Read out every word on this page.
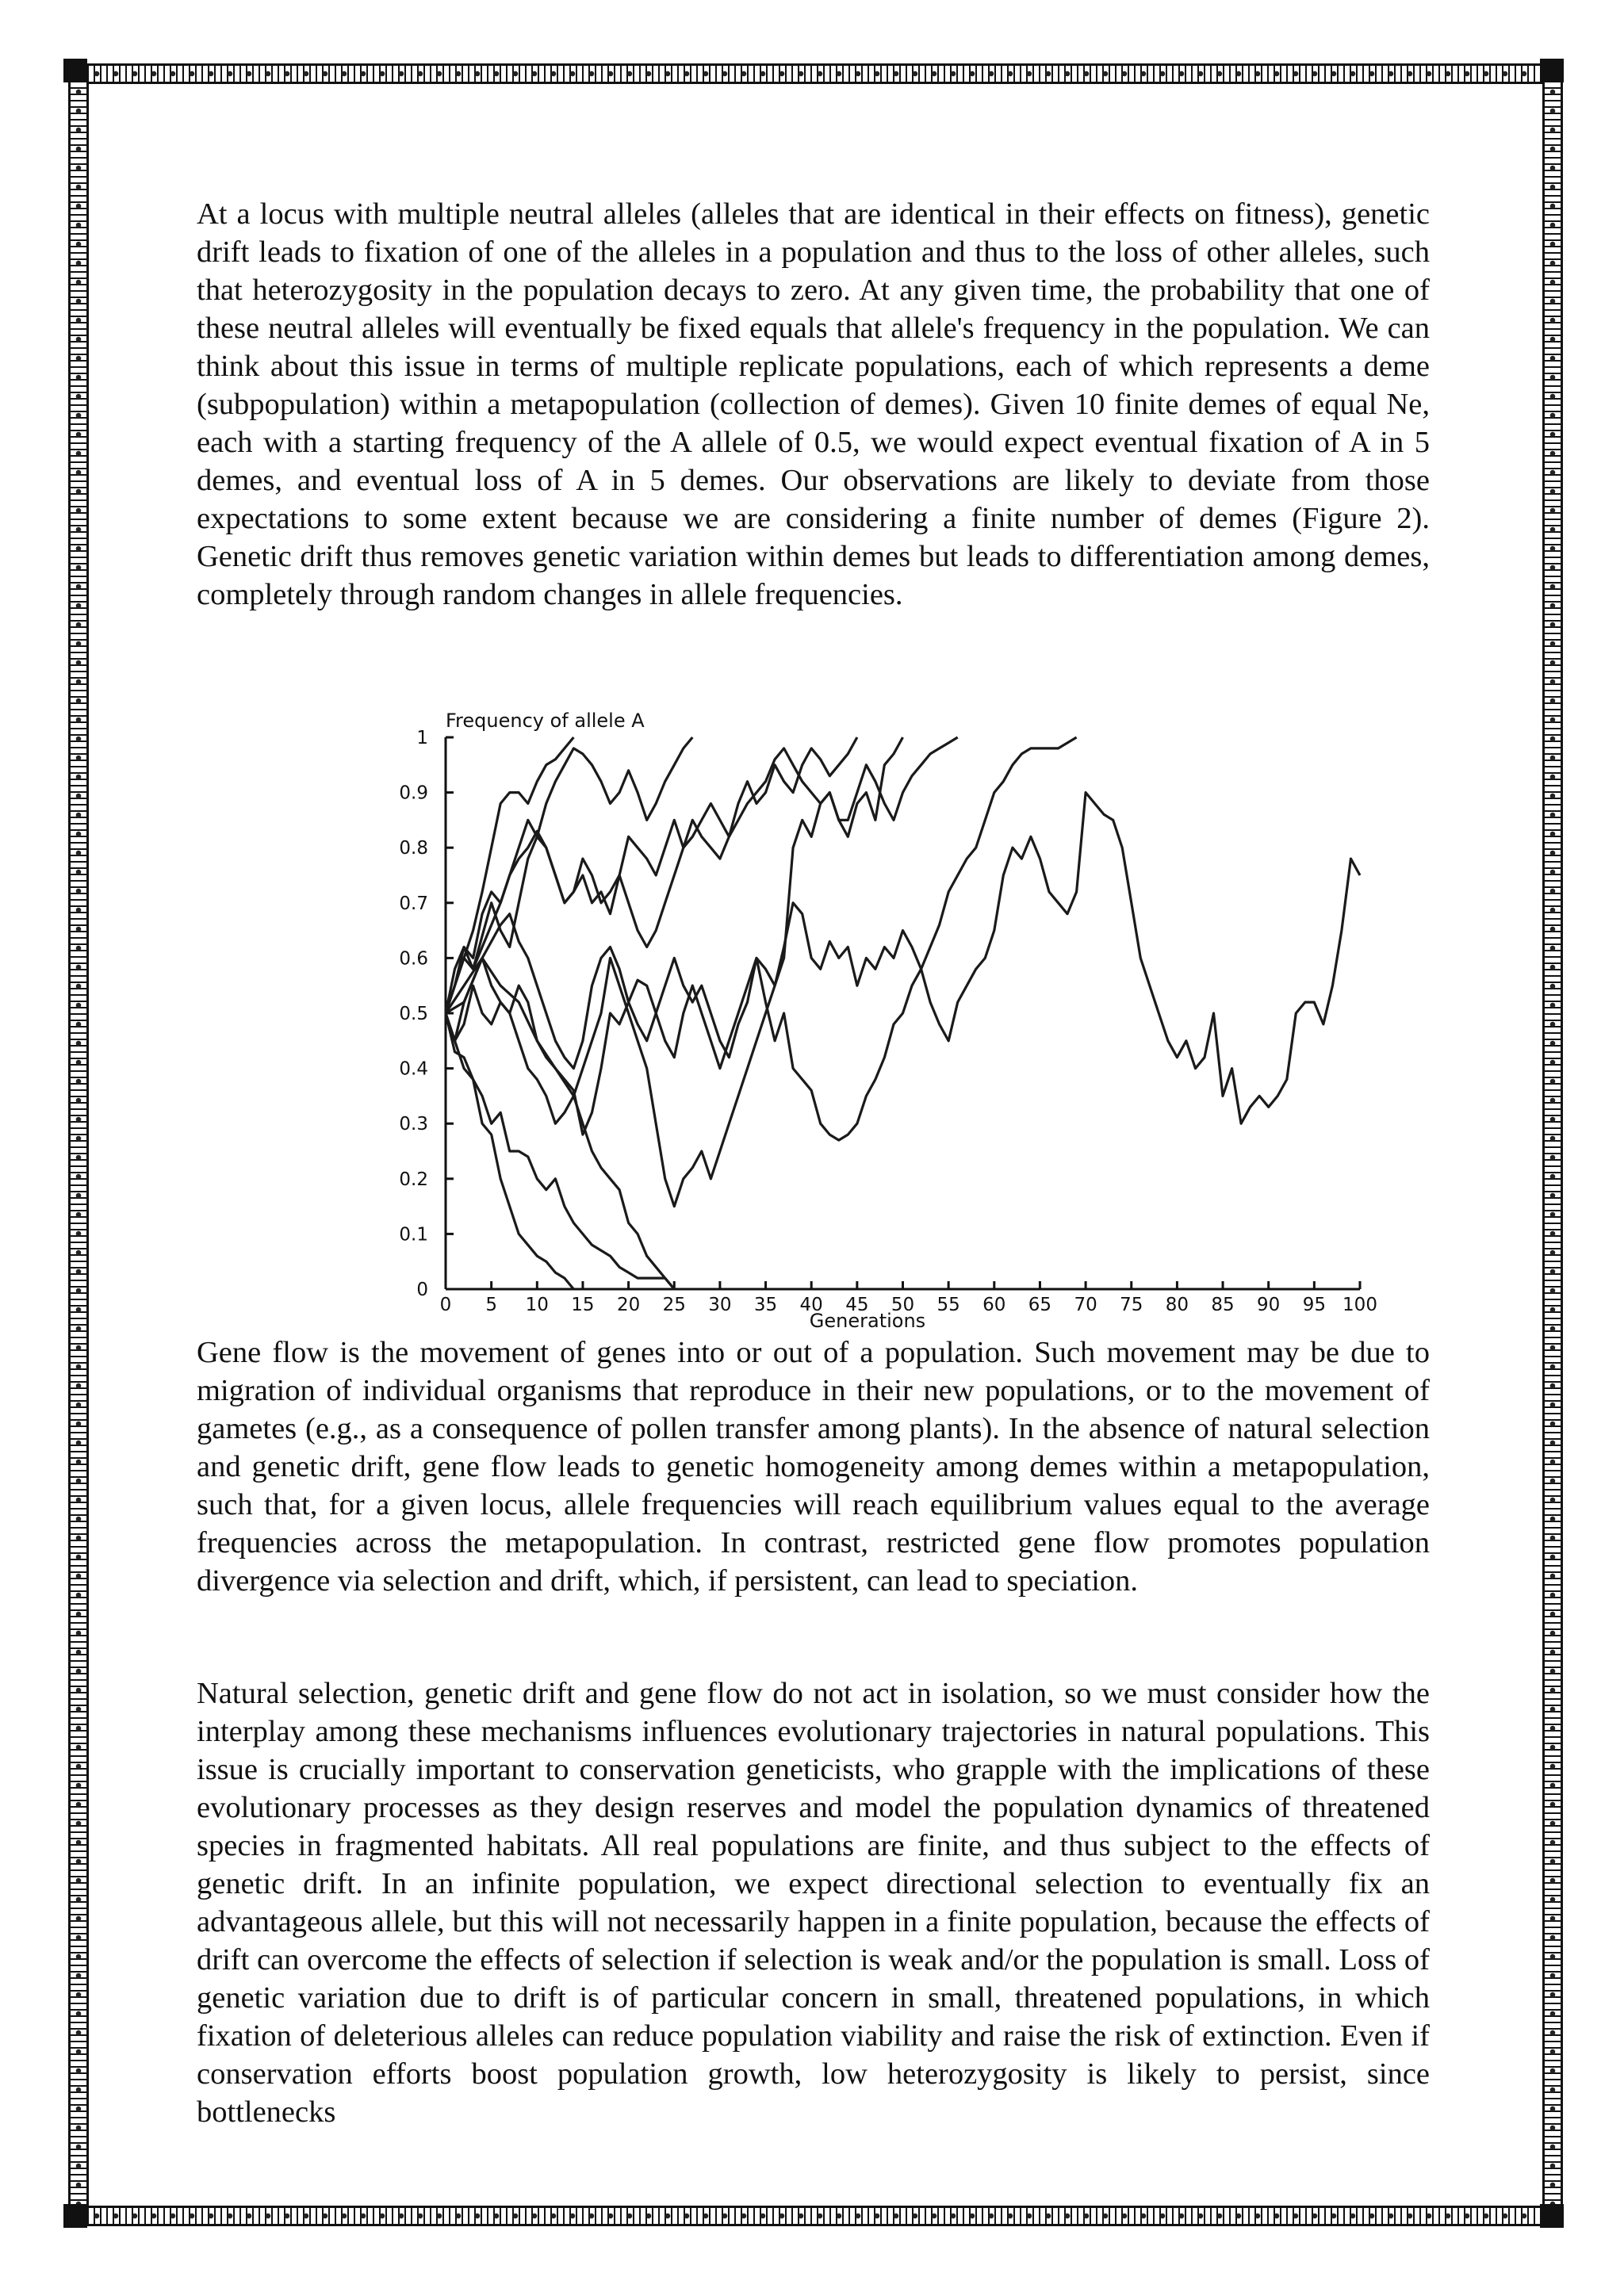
At a locus with multiple neutral alleles (alleles that are identical in their effects on fitness), genetic drift leads to fixation of one of the alleles in a population and thus to the loss of other alleles, such that heterozygosity in the population decays to zero. At any given time, the probability that one of these neutral alleles will eventually be fixed equals that allele's frequency in the population. We can think about this issue in terms of multiple replicate populations, each of which represents a deme (subpopulation) within a metapopulation (collection of demes). Given 10 finite demes of equal Ne, each with a starting frequency of the A allele of 0.5, we would expect eventual fixation of A in 5 demes, and eventual loss of A in 5 demes. Our observations are likely to deviate from those expectations to some extent because we are considering a finite number of demes (Figure 2). Genetic drift thus removes genetic variation within demes but leads to differentiation among demes, completely through random changes in allele frequencies.

0
0.1
0.2
0.3
0.4
0.5
0.6
0.7
0.8
0.9
1
0 5 10 15 20 25 30 35 40 45 50 55 60 65 70 75 80 85 90 95 100
Frequency of allele A
Generations

Gene flow is the movement of genes into or out of a population. Such movement may be due to migration of individual organisms that reproduce in their new populations, or to the movement of gametes (e.g., as a consequence of pollen transfer among plants). In the absence of natural selection and genetic drift, gene flow leads to genetic homogeneity among demes within a metapopulation, such that, for a given locus, allele frequencies will reach equilibrium values equal to the average frequencies across the metapopulation. In contrast, restricted gene flow promotes population divergence via selection and drift, which, if persistent, can lead to speciation.

Natural selection, genetic drift and gene flow do not act in isolation, so we must consider how the interplay among these mechanisms influences evolutionary trajectories in natural populations. This issue is crucially important to conservation geneticists, who grapple with the implications of these evolutionary processes as they design reserves and model the population dynamics of threatened species in fragmented habitats. All real populations are finite, and thus subject to the effects of genetic drift. In an infinite population, we expect directional selection to eventually fix an advantageous allele, but this will not necessarily happen in a finite population, because the effects of drift can overcome the effects of selection if selection is weak and/or the population is small. Loss of genetic variation due to drift is of particular concern in small, threatened populations, in which fixation of deleterious alleles can reduce population viability and raise the risk of extinction. Even if conservation efforts boost population growth, low heterozygosity is likely to persist, since bottlenecks
